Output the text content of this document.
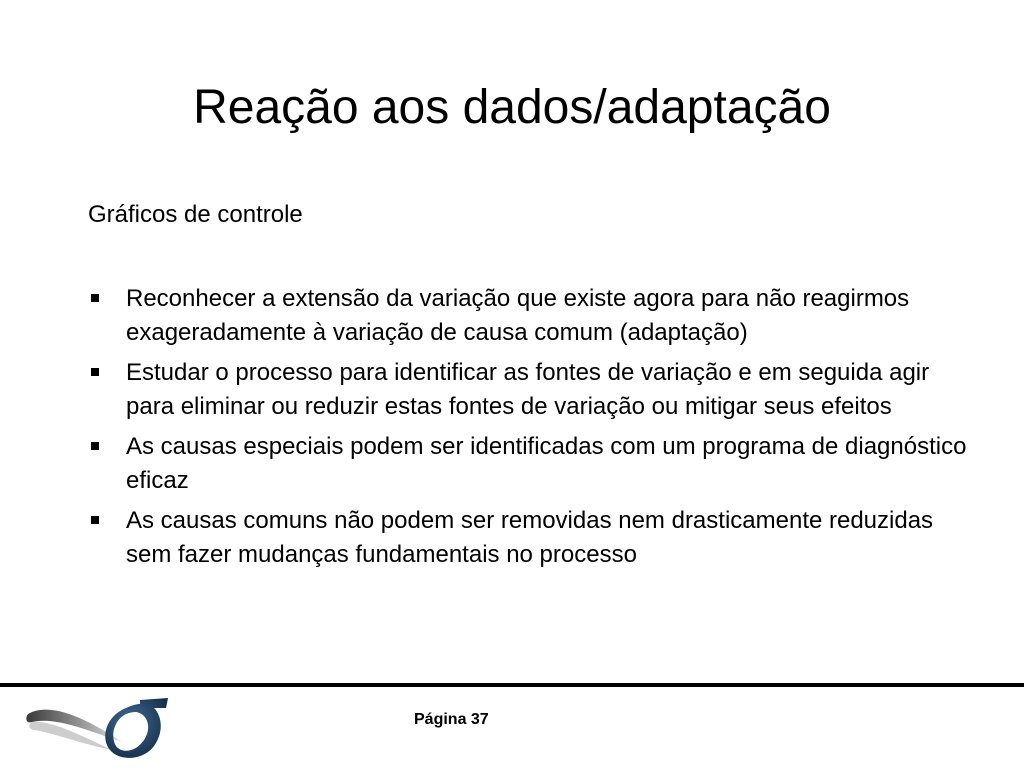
Reação aos dados/adaptação
Gráficos de controle
Reconhecer a extensão da variação que existe agora para não reagirmos exageradamente à variação de causa comum (adaptação)
Estudar o processo para identificar as fontes de variação e em seguida agir para eliminar ou reduzir estas fontes de variação ou mitigar seus efeitos
As causas especiais podem ser identificadas com um programa de diagnóstico eficaz
As causas comuns não podem ser removidas nem drasticamente reduzidas sem fazer mudanças fundamentais no processo
Página 37
